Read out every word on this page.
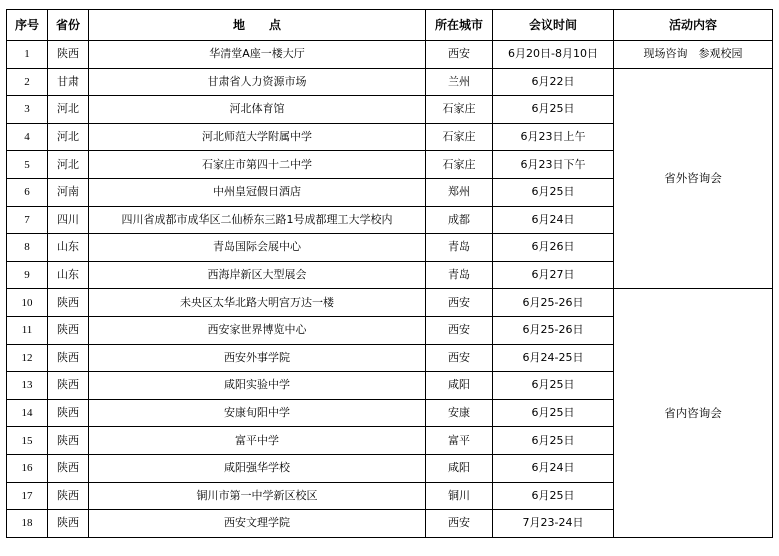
序号	省份	地　　点	所在城市	会议时间	活动内容
1	陕西	华清堂A座一楼大厅	西安	6月20日-8月10日	现场咨询　参观校园
2	甘肃	甘肃省人力资源市场	兰州	6月22日	省外咨询会
3	河北	河北体育馆	石家庄	6月25日	
4	河北	河北师范大学附属中学	石家庄	6月23日上午	
5	河北	石家庄市第四十二中学	石家庄	6月23日下午	
6	河南	中州皇冠假日酒店	郑州	6月25日	
7	四川	四川省成都市成华区二仙桥东三路1号成都理工大学校内	成都	6月24日	
8	山东	青岛国际会展中心	青岛	6月26日	
9	山东	西海岸新区大型展会	青岛	6月27日	
10	陕西	未央区太华北路大明宫万达一楼	西安	6月25-26日	省内咨询会
11	陕西	西安家世界博览中心	西安	6月25-26日	
12	陕西	西安外事学院	西安	6月24-25日	
13	陕西	咸阳实验中学	咸阳	6月25日	
14	陕西	安康旬阳中学	安康	6月25日	
15	陕西	富平中学	富平	6月25日	
16	陕西	咸阳强华学校	咸阳	6月24日	
17	陕西	铜川市第一中学新区校区	铜川	6月25日	
18	陕西	西安文理学院	西安	7月23-24日	
